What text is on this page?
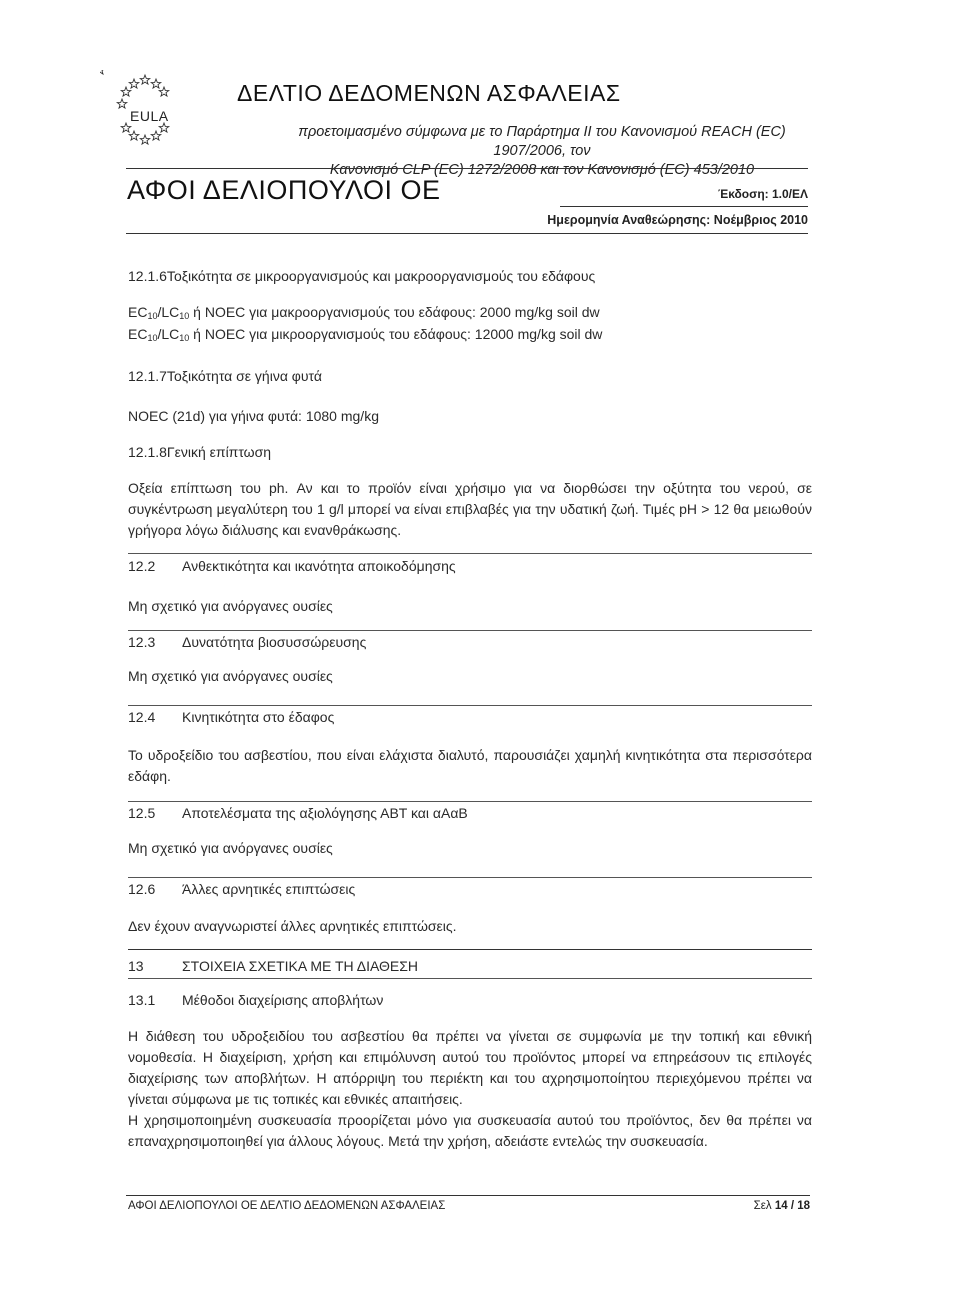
EULA
ΔΕΛΤΙΟ ΔΕΔΟΜΕΝΩΝ ΑΣΦΑΛΕΙΑΣ
προετοιμασμένο σύμφωνα με το Παράρτημα II του Κανονισμού REACH (EC) 1907/2006, τον
Κανονισμό CLP (EC) 1272/2008 και τον Κανονισμό (EC) 453/2010
ΑΦΟΙ ΔΕΛΙΟΠΟΥΛΟΙ ΟΕ	Έκδοση: 1.0/ΕΛ
Ημερομηνία Αναθεώρησης: Νοέμβριος 2010
12.1.6Τοξικότητα σε μικροοργανισμούς και μακροοργανισμούς του εδάφους
$EC_{10}/LC_{10}$ ή NOEC για μακροοργανισμούς του εδάφους: 2000 mg/kg soil dw
$EC_{10}/LC_{10}$ ή NOEC για μικροοργανισμούς του εδάφους: 12000 mg/kg soil dw
12.1.7Τοξικότητα σε γήινα φυτά
NOEC (21d) για γήινα φυτά: 1080 mg/kg
12.1.8Γενική επίπτωση
Οξεία επίπτωση του ph. Αν και το προϊόν είναι χρήσιμο για να διορθώσει την οξύτητα του νερού, σε συγκέντρωση μεγαλύτερη του 1 g/l μπορεί να είναι επιβλαβές για την υδατική ζωή. Τιμές pH > 12 θα μειωθούν γρήγορα λόγω διάλυσης και ενανθράκωσης.
12.2 Ανθεκτικότητα και ικανότητα αποικοδόμησης
Μη σχετικό για ανόργανες ουσίες
12.3 Δυνατότητα βιοσυσσώρευσης
Μη σχετικό για ανόργανες ουσίες
12.4 Κινητικότητα στο έδαφος
Το υδροξείδιο του ασβεστίου, που είναι ελάχιστα διαλυτό, παρουσιάζει χαμηλή κινητικότητα στα περισσότερα εδάφη.
12.5 Αποτελέσματα της αξιολόγησης ΑΒΤ και αΑαΒ
Μη σχετικό για ανόργανες ουσίες
12.6 Άλλες αρνητικές επιπτώσεις
Δεν έχουν αναγνωριστεί άλλες αρνητικές επιπτώσεις.
13	ΣΤΟΙΧΕΙΑ ΣΧΕΤΙΚΑ ΜΕ ΤΗ ΔΙΑΘΕΣΗ
13.1 Μέθοδοι διαχείρισης αποβλήτων
Η διάθεση του υδροξειδίου του ασβεστίου θα πρέπει να γίνεται σε συμφωνία με την τοπική και εθνική νομοθεσία. Η διαχείριση, χρήση και επιμόλυνση αυτού του προϊόντος μπορεί να επηρεάσουν τις επιλογές διαχείρισης των αποβλήτων. Η απόρριψη του περιέκτη και του αχρησιμοποίητου περιεχόμενου πρέπει να γίνεται σύμφωνα με τις τοπικές και εθνικές απαιτήσεις.
Η χρησιμοποιημένη συσκευασία προορίζεται μόνο για συσκευασία αυτού του προϊόντος, δεν θα πρέπει να επαναχρησιμοποιηθεί για άλλους λόγους. Μετά την χρήση, αδειάστε εντελώς την συσκευασία.
ΑΦΟΙ ΔΕΛΙΟΠΟΥΛΟΙ ΟΕ ΔΕΛΤΙΟ ΔΕΔΟΜΕΝΩΝ ΑΣΦΑΛΕΙΑΣ	Σελ 14 / 18
